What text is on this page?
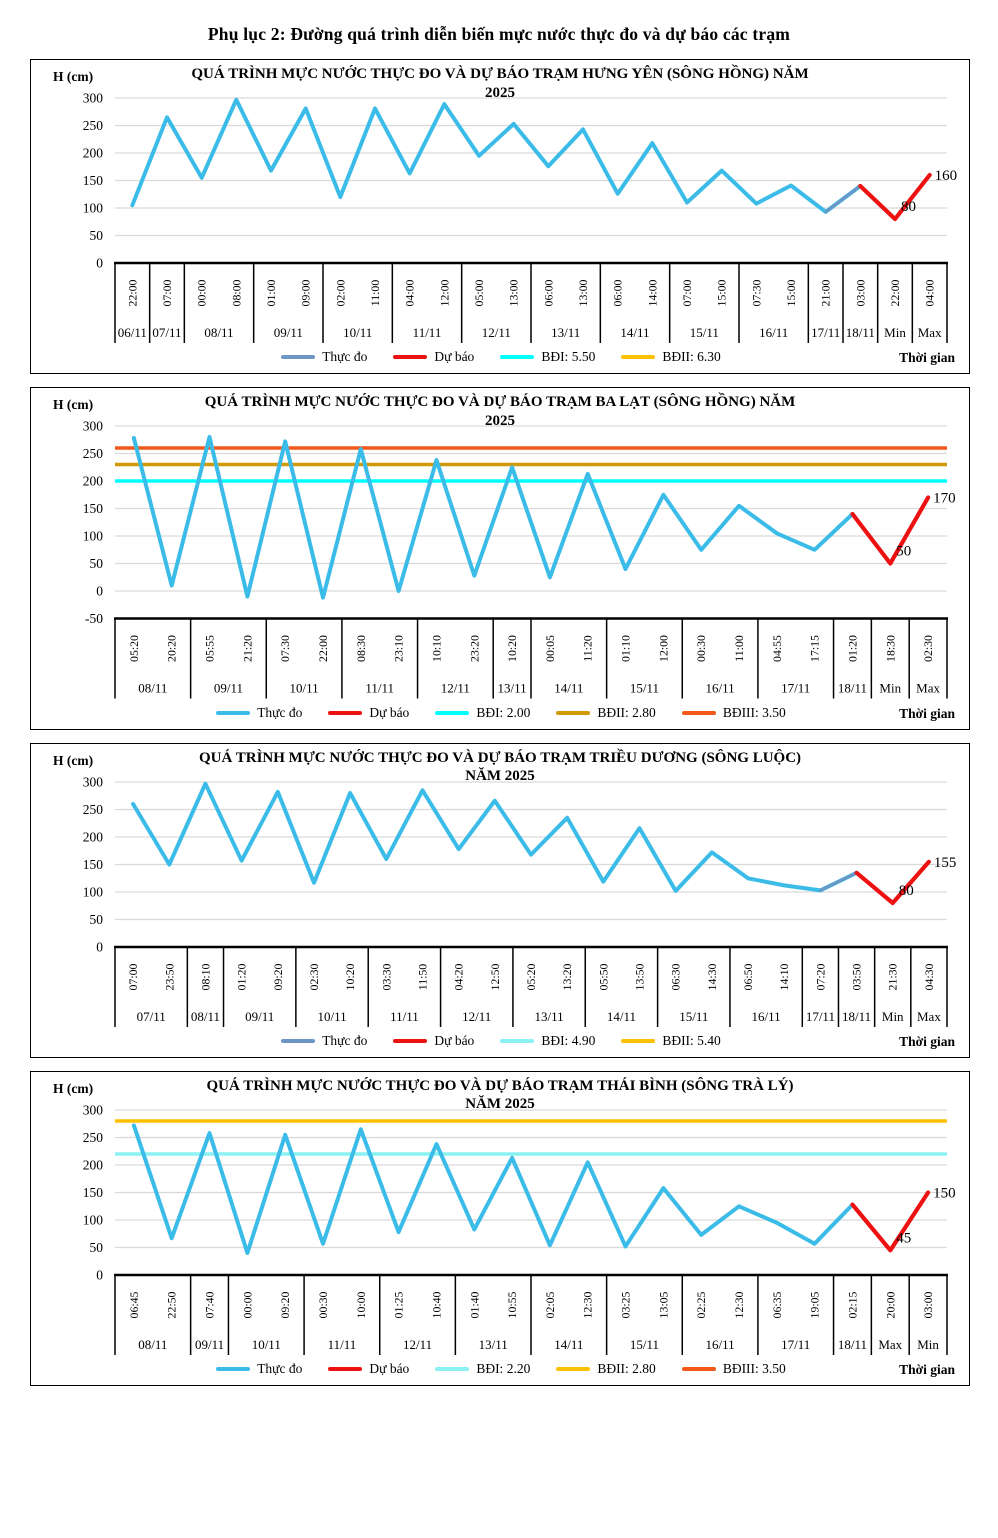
Phụ lục 2: Đường quá trình diễn biến mực nước thực đo và dự báo các trạm
H (cm)	QUÁ TRÌNH MỰC NƯỚC THỰC ĐO VÀ DỰ BÁO TRẠM HƯNG YÊN (SÔNG HỒNG) NĂM 2025
0
50
100
150
200
250
300
22:00 07:00 00:00 08:00 01:00 09:00 02:00 11:00 04:00 12:00 05:00 13:00 06:00 13:00 06:00 14:00 07:00 15:00 07:30 15:00 21:00 03:00 22:00 04:00
06/11 07/11 08/11	09/11	10/11	11/11	12/11	13/11	14/11	15/11	16/11 17/11 18/11 Min Max
80
160
Thực đo	Dự báo	BĐI: 5.50	BĐII: 6.30	Thời gian
H (cm)	QUÁ TRÌNH MỰC NƯỚC THỰC ĐO VÀ DỰ BÁO TRẠM BA LẠT (SÔNG HỒNG) NĂM 2025
-50
0
50
100
150
200
250
300
05:20 20:20 05:55 21:20 07:30 22:00 08:30 23:10 10:10 23:20 10:20 00:05 11:20 01:10 12:00 00:30 11:00 04:55 17:15 01:20 18:30 02:30
08/11	09/11	10/11	11/11	12/11 13/11 14/11	15/11	16/11	17/11 18/11 Min Max
50
170
Thực đo	Dự báo	BĐI: 2.00	BĐII: 2.80	BĐIII: 3.50	Thời gian
H (cm)	QUÁ TRÌNH MỰC NƯỚC THỰC ĐO VÀ DỰ BÁO TRẠM TRIỀU DƯƠNG (SÔNG LUỘC) NĂM 2025
0
50
100
150
200
250
300
07:00 23:50 08:10 01:20 09:20 02:30 10:20 03:30 11:50 04:20 12:50 05:20 13:20 05:50 13:50 06:30 14:30 06:50 14:10 07:20 03:50 21:30 04:30
07/11 08/11 09/11	10/11	11/11	12/11	13/11	14/11	15/11	16/11 17/11 18/11 Min Max
80
155
Thực đo	Dự báo	BĐI: 4.90	BĐII: 5.40	Thời gian
H (cm)	QUÁ TRÌNH MỰC NƯỚC THỰC ĐO VÀ DỰ BÁO TRẠM THÁI BÌNH (SÔNG TRÀ LÝ) NĂM 2025
0
50
100
150
200
250
300
06:45 22:50 07:40 00:00 09:20 00:30 10:00 01:25 10:40 01:40 10:55 02:05 12:30 03:25 13:05 02:25 12:30 06:35 19:05 02:15 20:00 03:00
08/11 09/11 10/11	11/11	12/11	13/11	14/11	15/11	16/11	17/11 18/11 Max Min
45
150
Thực đo	Dự báo	BĐI: 2.20	BĐII: 2.80	BĐIII: 3.50	Thời gian
